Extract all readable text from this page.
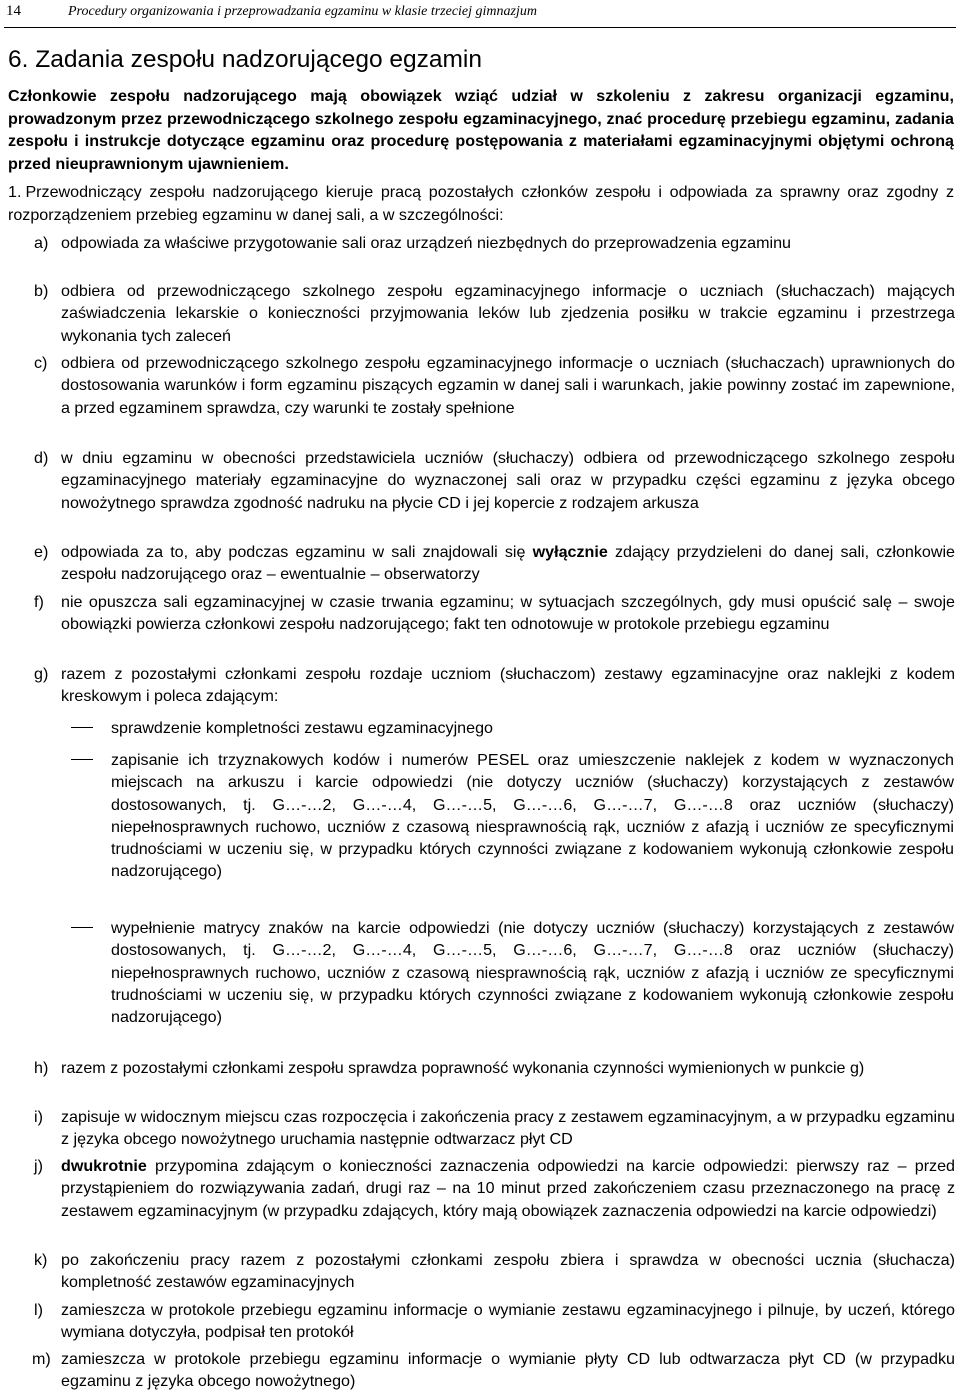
14	Procedury organizowania i przeprowadzania egzaminu w klasie trzeciej gimnazjum
6. Zadania zespołu nadzorującego egzamin
Członkowie zespołu nadzorującego mają obowiązek wziąć udział w szkoleniu z zakresu organizacji egzaminu, prowadzonym przez przewodniczącego szkolnego zespołu egzaminacyjnego, znać procedurę przebiegu egzaminu, zadania zespołu i instrukcje dotyczące egzaminu oraz procedurę postępowania z materiałami egzaminacyjnymi objętymi ochroną przed nieuprawnionym ujawnieniem.
1. Przewodniczący zespołu nadzorującego kieruje pracą pozostałych członków zespołu i odpowiada za sprawny oraz zgodny z rozporządzeniem przebieg egzaminu w danej sali, a w szczególności:
a) odpowiada za właściwe przygotowanie sali oraz urządzeń niezbędnych do przeprowadzenia egzaminu
b) odbiera od przewodniczącego szkolnego zespołu egzaminacyjnego informacje o uczniach (słuchaczach) mających zaświadczenia lekarskie o konieczności przyjmowania leków lub zjedzenia posiłku w trakcie egzaminu i przestrzega wykonania tych zaleceń
c) odbiera od przewodniczącego szkolnego zespołu egzaminacyjnego informacje o uczniach (słuchaczach) uprawnionych do dostosowania warunków i form egzaminu piszących egzamin w danej sali i warunkach, jakie powinny zostać im zapewnione, a przed egzaminem sprawdza, czy warunki te zostały spełnione
d) w dniu egzaminu w obecności przedstawiciela uczniów (słuchaczy) odbiera od przewodniczącego szkolnego zespołu egzaminacyjnego materiały egzaminacyjne do wyznaczonej sali oraz w przypadku części egzaminu z języka obcego nowożytnego sprawdza zgodność nadruku na płycie CD i jej kopercie z rodzajem arkusza
e) odpowiada za to, aby podczas egzaminu w sali znajdowali się wyłącznie zdający przydzieleni do danej sali, członkowie zespołu nadzorującego oraz – ewentualnie – obserwatorzy
f) nie opuszcza sali egzaminacyjnej w czasie trwania egzaminu; w sytuacjach szczególnych, gdy musi opuścić salę – swoje obowiązki powierza członkowi zespołu nadzorującego; fakt ten odnotowuje w protokole przebiegu egzaminu
g) razem z pozostałymi członkami zespołu rozdaje uczniom (słuchaczom) zestawy egzaminacyjne oraz naklejki z kodem kreskowym i poleca zdającym:
sprawdzenie kompletności zestawu egzaminacyjnego
zapisanie ich trzyznakowych kodów i numerów PESEL oraz umieszczenie naklejek z kodem w wyznaczonych miejscach na arkuszu i karcie odpowiedzi (nie dotyczy uczniów (słuchaczy) korzystających z zestawów dostosowanych, tj. G…-…2, G…-…4, G…-…5, G…-…6, G…-…7, G…-…8 oraz uczniów (słuchaczy) niepełnosprawnych ruchowo, uczniów z czasową niesprawnością rąk, uczniów z afazją i uczniów ze specyficznymi trudnościami w uczeniu się, w przypadku których czynności związane z kodowaniem wykonują członkowie zespołu nadzorującego)
wypełnienie matrycy znaków na karcie odpowiedzi (nie dotyczy uczniów (słuchaczy) korzystających z zestawów dostosowanych, tj. G…-…2, G…-…4, G…-…5, G…-…6, G…-…7, G…-…8 oraz uczniów (słuchaczy) niepełnosprawnych ruchowo, uczniów z czasową niesprawnością rąk, uczniów z afazją i uczniów ze specyficznymi trudnościami w uczeniu się, w przypadku których czynności związane z kodowaniem wykonują członkowie zespołu nadzorującego)
h) razem z pozostałymi członkami zespołu sprawdza poprawność wykonania czynności wymienionych w punkcie g)
i) zapisuje w widocznym miejscu czas rozpoczęcia i zakończenia pracy z zestawem egzaminacyjnym, a w przypadku egzaminu z języka obcego nowożytnego uruchamia następnie odtwarzacz płyt CD
j) dwukrotnie przypomina zdającym o konieczności zaznaczenia odpowiedzi na karcie odpowiedzi: pierwszy raz – przed przystąpieniem do rozwiązywania zadań, drugi raz – na 10 minut przed zakończeniem czasu przeznaczonego na pracę z zestawem egzaminacyjnym (w przypadku zdających, który mają obowiązek zaznaczenia odpowiedzi na karcie odpowiedzi)
k) po zakończeniu pracy razem z pozostałymi członkami zespołu zbiera i sprawdza w obecności ucznia (słuchacza) kompletność zestawów egzaminacyjnych
l) zamieszcza w protokole przebiegu egzaminu informacje o wymianie zestawu egzaminacyjnego i pilnuje, by uczeń, którego wymiana dotyczyła, podpisał ten protokół
m) zamieszcza w protokole przebiegu egzaminu informacje o wymianie płyty CD lub odtwarzacza płyt CD (w przypadku egzaminu z języka obcego nowożytnego)
